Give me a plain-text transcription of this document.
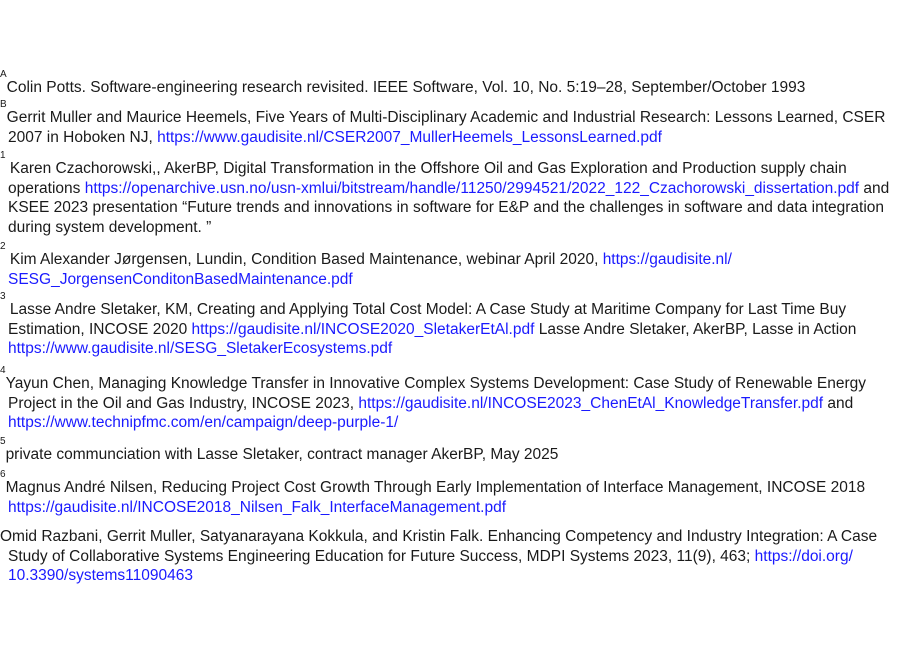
$^A$Colin Potts. Software-engineering research revisited. IEEE Software, Vol. 10, No. 5:19–28, September/October 1993
$^B$Gerrit Muller and Maurice Heemels, Five Years of Multi-Disciplinary Academic and Industrial Research: Lessons Learned, CSER
2007 in Hoboken NJ, https://www.gaudisite.nl/CSER2007_MullerHeemels_LessonsLearned.pdf
$^1$ Karen Czachorowski,, AkerBP, Digital Transformation in the Offshore Oil and Gas Exploration and Production supply chain
operations https://openarchive.usn.no/usn-xmlui/bitstream/handle/11250/2994521/2022_122_Czachorowski_dissertation.pdf and
KSEE 2023 presentation “Future trends and innovations in software for E&P and the challenges in software and data integration
during system development. ”
$^2$ Kim Alexander Jørgensen, Lundin, Condition Based Maintenance, webinar April 2020, https://gaudisite.nl/
SESG_JorgensenConditonBasedMaintenance.pdf
$^3$ Lasse Andre Sletaker, KM, Creating and Applying Total Cost Model: A Case Study at Maritime Company for Last Time Buy
Estimation, INCOSE 2020 https://gaudisite.nl/INCOSE2020_SletakerEtAl.pdf Lasse Andre Sletaker, AkerBP, Lasse in Action
https://www.gaudisite.nl/SESG_SletakerEcosystems.pdf
$^4$Yayun Chen, Managing Knowledge Transfer in Innovative Complex Systems Development: Case Study of Renewable Energy
Project in the Oil and Gas Industry, INCOSE 2023, https://gaudisite.nl/INCOSE2023_ChenEtAl_KnowledgeTransfer.pdf and
https://www.technipfmc.com/en/campaign/deep-purple-1/
$^5$private communciation with Lasse Sletaker, contract manager AkerBP, May 2025
$^6$Magnus André Nilsen, Reducing Project Cost Growth Through Early Implementation of Interface Management, INCOSE 2018
https://gaudisite.nl/INCOSE2018_Nilsen_Falk_InterfaceManagement.pdf
Omid Razbani, Gerrit Muller, Satyanarayana Kokkula, and Kristin Falk. Enhancing Competency and Industry Integration: A Case
Study of Collaborative Systems Engineering Education for Future Success, MDPI Systems 2023, 11(9), 463; https://doi.org/
10.3390/systems11090463
